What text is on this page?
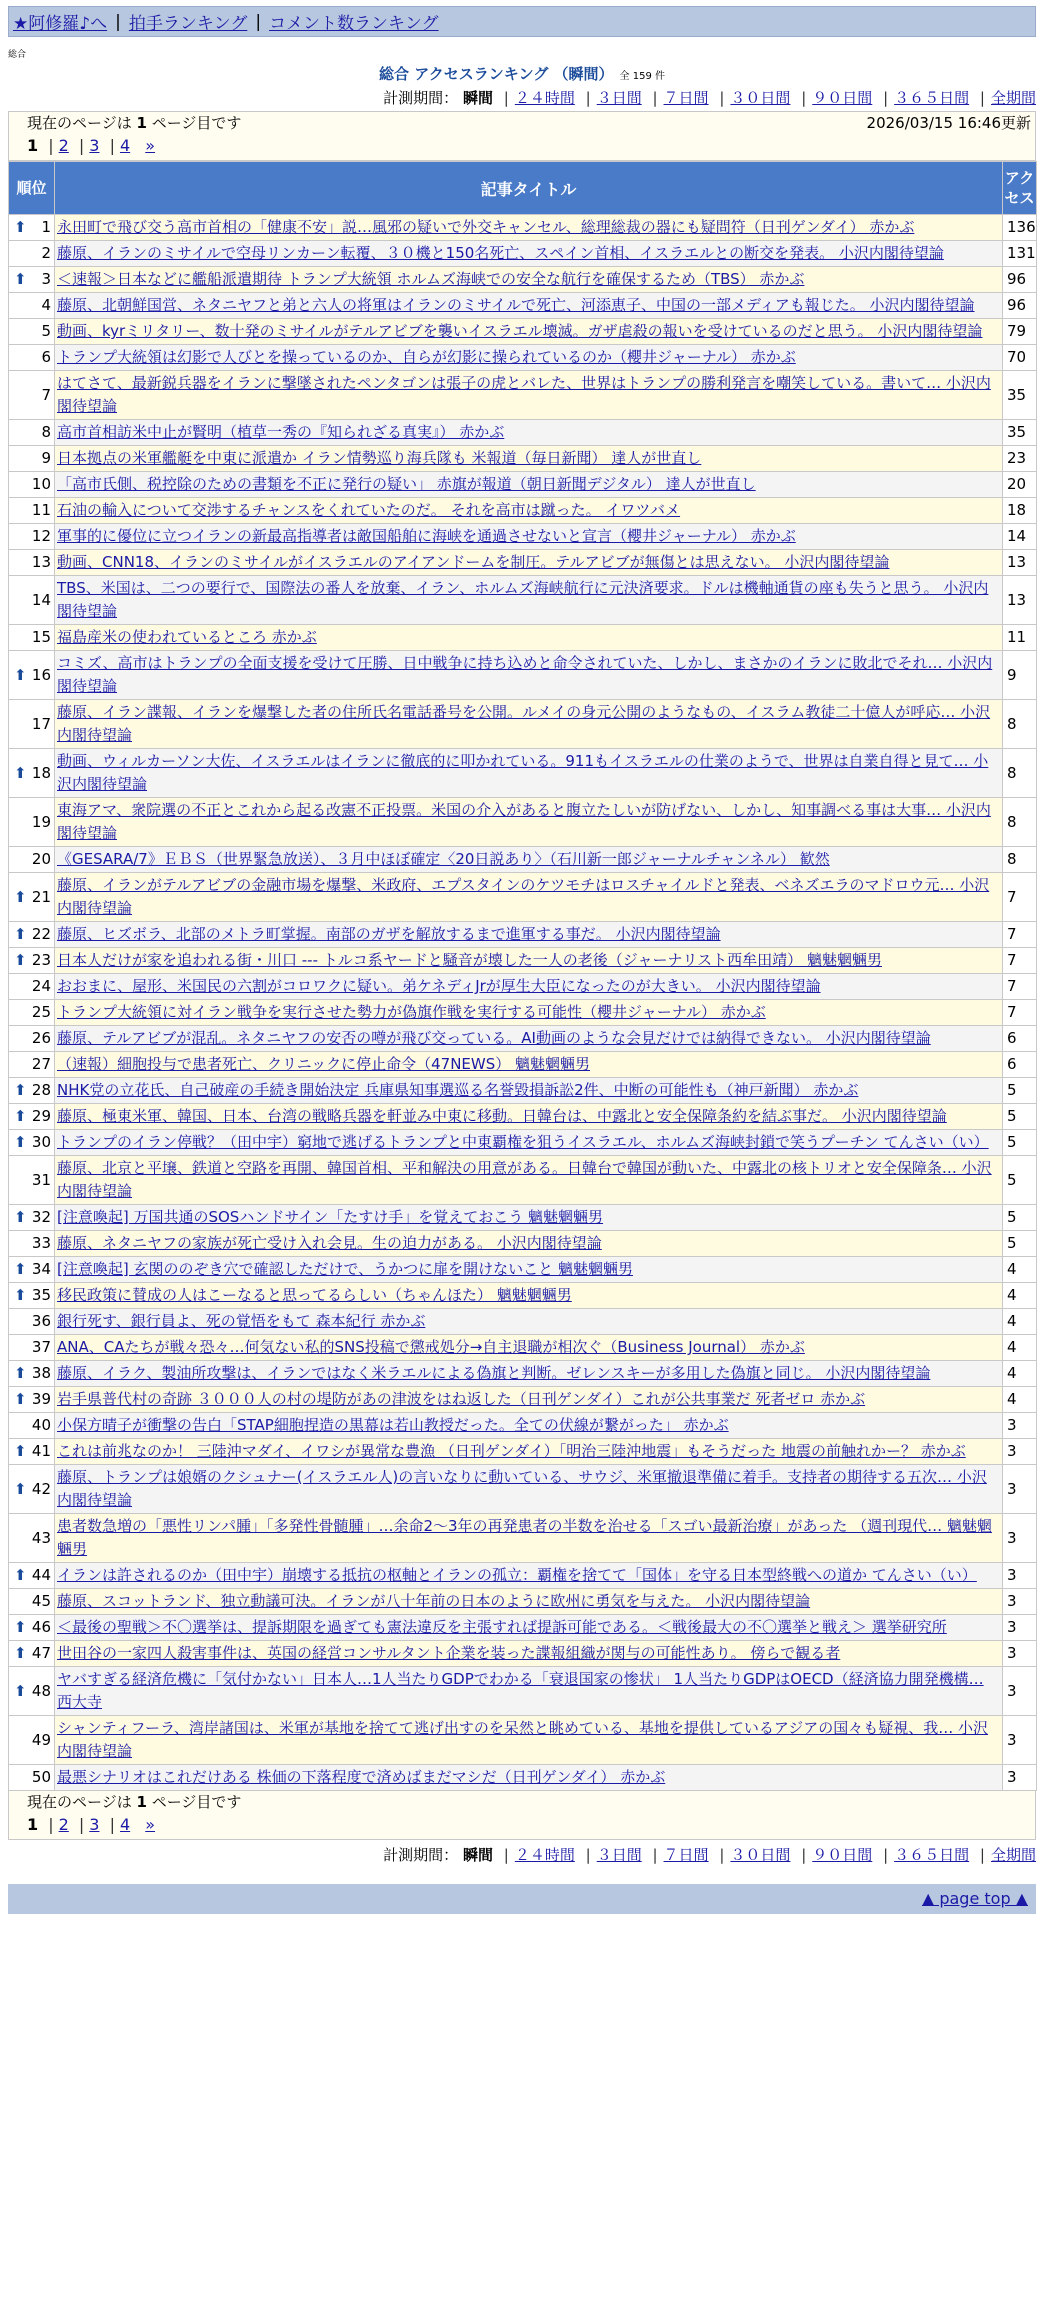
★阿修羅♪へ | 拍手ランキング | コメント数ランキング
総合
総合 アクセスランキング （瞬間） 全 159 件
計測期間： 瞬間 | ２４時間 | ３日間 | ７日間 | ３０日間 | ９０日間 | ３６５日間 | 全期間
現在のページは 1 ページ目です	2026/03/15 16:46更新
1 | 2 | 3 | 4 »
順位	記事タイトル	アクセス

⬆ 1	永田町で飛び交う高市首相の「健康不安」説…風邪の疑いで外交キャンセル、総理総裁の器にも疑問符（日刊ゲンダイ） 赤かぶ	136
2	藤原、イランのミサイルで空母リンカーン転覆、３０機と150名死亡、スペイン首相、イスラエルとの断交を発表。 小沢内閣待望論	131

⬆ 3	＜速報＞日本などに艦船派遣期待 トランプ大統領 ホルムズ海峡での安全な航行を確保するため（TBS） 赤かぶ	96
4	藤原、北朝鮮国営、ネタニヤフと弟と六人の将軍はイランのミサイルで死亡、河添恵子、中国の一部メディアも報じた。 小沢内閣待望論	96
5	動画、kyrミリタリー、数十発のミサイルがテルアビブを襲いイスラエル壊滅。ガザ虐殺の報いを受けているのだと思う。 小沢内閣待望論	79
6	トランプ大統領は幻影で人びとを操っているのか、自らが幻影に操られているのか（櫻井ジャーナル） 赤かぶ	70
7	はてさて、最新鋭兵器をイランに撃墜されたペンタゴンは張子の虎とバレた、世界はトランプの勝利発言を嘲笑している。書いて… 小沢内閣待望論	35
8	高市首相訪米中止が賢明（植草一秀の『知られざる真実』） 赤かぶ	35
9	日本拠点の米軍艦艇を中東に派遣か イラン情勢巡り海兵隊も 米報道（毎日新聞） 達人が世直し	23
10	「高市氏側、税控除のための書類を不正に発行の疑い」 赤旗が報道（朝日新聞デジタル） 達人が世直し	20
11	石油の輸入について交渉するチャンスをくれていたのだ。 それを高市は蹴った。 イワツバメ	18
12	軍事的に優位に立つイランの新最高指導者は敵国船舶に海峡を通過させないと宣言（櫻井ジャーナル） 赤かぶ	14
13	動画、CNN18、イランのミサイルがイスラエルのアイアンドームを制圧。テルアビブが無傷とは思えない。 小沢内閣待望論	13
14	TBS、米国は、二つの要行で、国際法の番人を放棄、イラン、ホルムズ海峡航行に元決済要求。ドルは機軸通貨の座も失うと思う。 小沢内閣待望論	13
15	福島産米の使われているところ 赤かぶ	11

⬆ 16	コミズ、高市はトランプの全面支援を受けて圧勝、日中戦争に持ち込めと命令されていた、しかし、まさかのイランに敗北でそれ… 小沢内閣待望論	9
17	藤原、イラン諜報、イランを爆撃した者の住所氏名電話番号を公開。ルメイの身元公開のようなもの、イスラム教徒二十億人が呼応… 小沢内閣待望論	8

⬆ 18	動画、ウィルカーソン大佐、イスラエルはイランに徹底的に叩かれている。911もイスラエルの仕業のようで、世界は自業自得と見て… 小沢内閣待望論	8
19	東海アマ、衆院選の不正とこれから起る改憲不正投票。米国の介入があると腹立たしいが防げない、しかし、知事調べる事は大事… 小沢内閣待望論	8
20	《GESARA/7》ＥＢＳ（世界緊急放送）、３月中ほぼ確定〈20日説あり〉（石川新一郎ジャーナルチャンネル） 歓然	8

⬆ 21	藤原、イランがテルアビブの金融市場を爆撃、米政府、エプスタインのケツモチはロスチャイルドと発表、ベネズエラのマドロウ元… 小沢内閣待望論	7

⬆ 22	藤原、ヒズボラ、北部のメトラ町掌握。南部のガザを解放するまで進軍する事だ。 小沢内閣待望論	7

⬆ 23	日本人だけが家を追われる街・川口 --- トルコ系ヤードと騒音が壊した一人の老後（ジャーナリスト西牟田靖） 魑魅魍魎男	7
24	おおまに、屋形、米国民の六割がコロワクに疑い。弟ケネディJrが厚生大臣になったのが大きい。 小沢内閣待望論	7
25	トランプ大統領に対イラン戦争を実行させた勢力が偽旗作戦を実行する可能性（櫻井ジャーナル） 赤かぶ	7
26	藤原、テルアビブが混乱。ネタニヤフの安否の噂が飛び交っている。AI動画のような会見だけでは納得できない。 小沢内閣待望論	6
27	（速報）細胞投与で患者死亡、クリニックに停止命令（47NEWS） 魑魅魍魎男	6

⬆ 28	NHK党の立花氏、自己破産の手続き開始決定 兵庫県知事選巡る名誉毀損訴訟2件、中断の可能性も（神戸新聞） 赤かぶ	5

⬆ 29	藤原、極東米軍、韓国、日本、台湾の戦略兵器を軒並み中東に移動。日韓台は、中露北と安全保障条約を結ぶ事だ。 小沢内閣待望論	5

⬆ 30	トランプのイラン停戦？（田中宇）窮地で逃げるトランプと中東覇権を狙うイスラエル、ホルムズ海峡封鎖で笑うプーチン てんさい（い）	5
31	藤原、北京と平壌、鉄道と空路を再開、韓国首相、平和解決の用意がある。日韓台で韓国が動いた、中露北の核トリオと安全保障条… 小沢内閣待望論	5

⬆ 32	[注意喚起] 万国共通のSOSハンドサイン「たすけ手」を覚えておこう 魑魅魍魎男	5
33	藤原、ネタニヤフの家族が死亡受け入れ会見。生の迫力がある。 小沢内閣待望論	5

⬆ 34	[注意喚起] 玄関ののぞき穴で確認しただけで、うかつに扉を開けないこと 魑魅魍魎男	4

⬆ 35	移民政策に賛成の人はこーなると思ってるらしい（ちゃんほた） 魑魅魍魎男	4
36	銀行死す、銀行員よ、死の覚悟をもて 森本紀行 赤かぶ	4
37	ANA、CAたちが戦々恐々…何気ない私的SNS投稿で懲戒処分→自主退職が相次ぐ（Business Journal） 赤かぶ	4

⬆ 38	藤原、イラク、製油所攻撃は、イランではなく米ラエルによる偽旗と判断。ゼレンスキーが多用した偽旗と同じ。 小沢内閣待望論	4

⬆ 39	岩手県普代村の奇跡 ３０００人の村の堤防があの津波をはね返した（日刊ゲンダイ）これが公共事業だ 死者ゼロ 赤かぶ	4
40	小保方晴子が衝撃の告白「STAP細胞捏造の黒幕は若山教授だった。全ての伏線が繋がった」 赤かぶ	3

⬆ 41	これは前兆なのか！ 三陸沖マダイ、イワシが異常な豊漁 （日刊ゲンダイ）「明治三陸沖地震」もそうだった 地震の前触れかー？ 赤かぶ	3

⬆ 42	藤原、トランプは娘婿のクシュナー(イスラエル人)の言いなりに動いている、サウジ、米軍撤退準備に着手。支持者の期待する五次… 小沢内閣待望論	3
43	患者数急増の「悪性リンパ腫」「多発性骨髄腫」…余命2～3年の再発患者の半数を治せる「スゴい最新治療」があった （週刊現代… 魑魅魍魎男	3

⬆ 44	イランは許されるのか（田中宇）崩壊する抵抗の枢軸とイランの孤立：覇権を捨てて「国体」を守る日本型終戦への道か てんさい（い）	3
45	藤原、スコットランド、独立動議可決。イランが八十年前の日本のように欧州に勇気を与えた。 小沢内閣待望論	3

⬆ 46	＜最後の聖戦＞不〇選挙は、提訴期限を過ぎても憲法違反を主張すれば提訴可能である。＜戦後最大の不〇選挙と戦え＞ 選挙研究所	3

⬆ 47	世田谷の一家四人殺害事件は、英国の経営コンサルタント企業を装った諜報組織が関与の可能性あり。 傍らで観る者	3

⬆ 48	ヤバすぎる経済危機に「気付かない」日本人…1人当たりGDPでわかる「衰退国家の惨状」 1人当たりGDPはOECD（経済協力開発機構… 西大寺	3
49	シャンティフーラ、湾岸諸国は、米軍が基地を捨てて逃げ出すのを呆然と眺めている、基地を提供しているアジアの国々も疑視、我… 小沢内閣待望論	3
50	最悪シナリオはこれだけある 株価の下落程度で済めばまだマシだ（日刊ゲンダイ） 赤かぶ	3
現在のページは 1 ページ目です
1 | 2 | 3 | 4 »
計測期間： 瞬間 | ２４時間 | ３日間 | ７日間 | ３０日間 | ９０日間 | ３６５日間 | 全期間
▲ page top ▲
